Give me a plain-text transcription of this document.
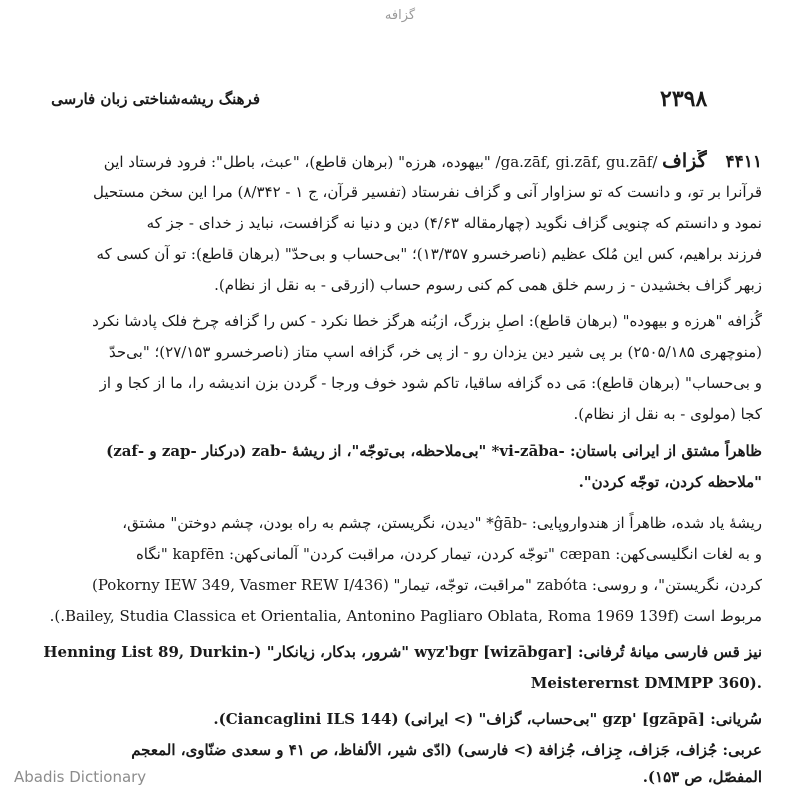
گزافه
۲۳۹۸
فرهنگ ریشه‌شناختی زبان فارسی
۴۴۱۱ گُزاف /ga.zāf, gi.zāf, gu.zāf/ "بیهوده، هرزه" (برهان قاطع)، "عبث، باطل": فرود فرستاد این
قرآنرا بر تو، و دانست که تو سزاوار آنی و گزاف نفرستاد (تفسیر قرآن، ج ۱ - ۸/۳۴۲) مرا این سخن مستحیل
نمود و دانستم که چنویی گزاف نگوید (چهارمقاله ۴/۶۳) دین و دنیا نه گزافست، نباید ز خدای - جز که
فرزند براهیم، کس این مُلک عظیم (ناصرخسرو ۱۳/۳۵۷)؛ "بی‌حساب و بی‌حدّ" (برهان قاطع): تو آن کسی که
زبهر گزاف بخشیدن - ز رسم خلق همی کم کنی رسوم حساب (ازرقی - به نقل از نظام).
گُزافه "هرزه و بیهوده" (برهان قاطع): اصلِ بزرگ، ازبُنه هرگز خطا نکرد - کس را گزافه چرخ فلک پادشا نکرد
(منوچهری ۲۵۰۵/۱۸۵) بر پی شیر دین یزدان رو - از پی خر، گزافه اسپ متاز (ناصرخسرو ۲۷/۱۵۳)؛ "بی‌حدّ
و بی‌حساب" (برهان قاطع): مَی ده گزافه ساقیا، تاکم شود خوف ورجا - گردن بزن اندیشه را، ما از کجا و از
کجا (مولوی - به نقل از نظام).
ظاهراً مشتق از ایرانی باستان: -vi-zāba* "بی‌ملاحظه، بی‌توجّه"، از ریشهٔ -zab (درکنار -zap و -zaf)
"ملاحظه کردن، توجّه کردن".
ریشهٔ یاد شده، ظاهراً از هندواروپایی: -ĝāb* "دیدن، نگریستن، چشم به راه بودن، چشم دوختن" مشتق،
و به لغات انگلیسی‌کهن: cæpan "توجّه کردن، تیمار کردن، مراقبت کردن" آلمانی‌کهن: kapfēn "نگاه
کردن، نگریستن"، و روسی: zabóta "مراقبت، توجّه، تیمار" (Pokorny IEW 349, Vasmer REW I/436)
مربوط است (Bailey, Studia Classica et Orientalia, Antonino Pagliaro Oblata, Roma 1969 139f.).
نیز قس فارسی میانهٔ تُرفانی: wyz'bgr [wizābgar] "شرور، بدکار، زیانکار" (-Henning List 89, Durkin
Meisterernst DMMPP 360).
سُریانی: gzp' [gzāpā] "بی‌حساب، گزاف" (> ایرانی) (Ciancaglini ILS 144).
عربی: جُزاف، جَزاف، جِزاف، جُزافة (> فارسی) (ادّی شیر، الألفاظ، ص ۴۱ و سعدی ضنّاوی، المعجم
المفصّل، ص ۱۵۳).
Abadis Dictionary
